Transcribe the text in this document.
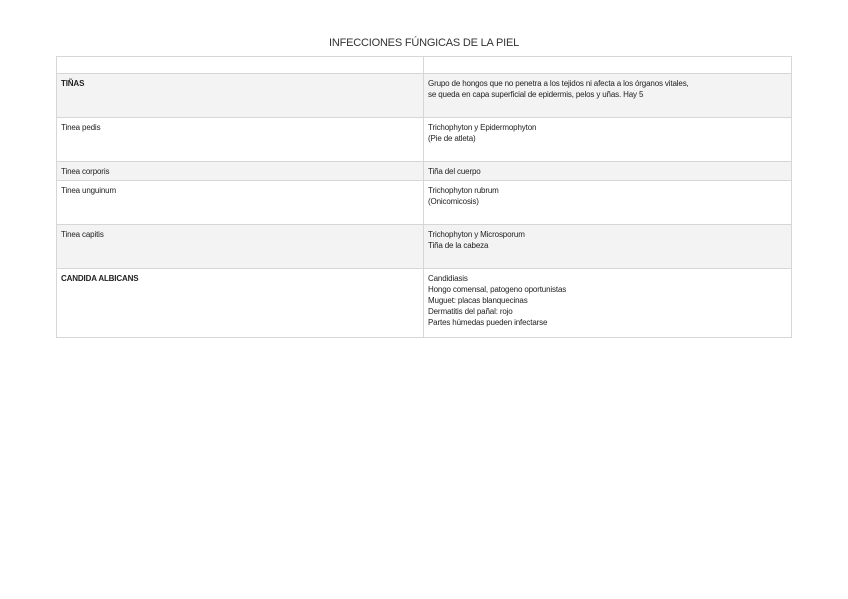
INFECCIONES FÚNGICAS DE LA PIEL

TIÑAS	Grupo de hongos que no penetra a los tejidos ni afecta a los órganos vitales,
se queda en capa superficial de epidermis, pelos y uñas. Hay 5

Tinea pedis	Trichophyton y Epidermophyton
(Pie de atleta)

Tinea corporis	Tiña del cuerpo

Tinea unguinum	Trichophyton rubrum
(Onicomicosis)

Tinea capitis	Trichophyton y Microsporum
Tiña de la cabeza

CANDIDA ALBICANS	Candidiasis
Hongo comensal, patogeno oportunistas
Muguet: placas blanquecinas
Dermatitis del pañal: rojo
Partes húmedas pueden infectarse
